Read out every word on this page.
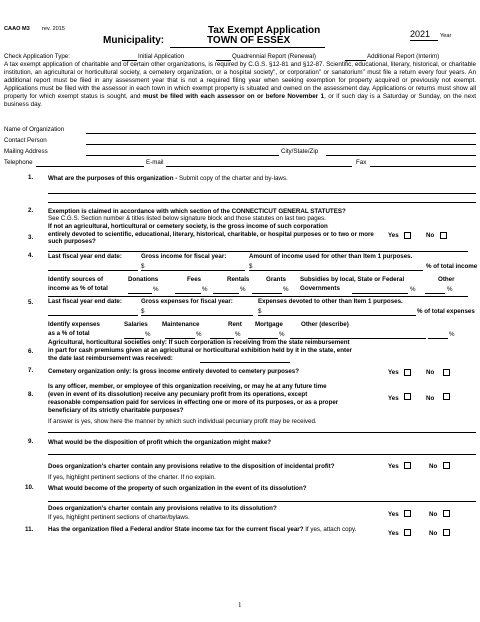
CAAO M3 rev. 2015	Tax Exempt Application
Municipality:	TOWN OF ESSEX
2021 Year
Check Application Type:	Initial Application	Quadrennial Report (Renewal)	Additional Report (Interim)
A tax exempt application of charitable and of certain other organizations, is required by C.G.S. §12-81 and §12-87. Scientific, educational, literary, historical, or charitable institution, an agricultural or horticultural society, a cemetery organization, or a hospital society", or corporation" or sanatorium" must file a return every four years. An additional report must be filed in any assessment year that is not a required filing year when seeking exemption for property acquired or previously not exempt. Applications must be filed with the assessor in each town in which exempt property is situated and owned on the assessment day. Applications or returns must show all property for which exempt status is sought, and must be filed with each assessor on or before November 1, or if such day is a Saturday or Sunday, on the next business day.
Name of Organization
Contact Person
Mailing Address	City/State/Zip
Telephone	E-mail	Fax
1. What are the purposes of this organization - Submit copy of the charter and by-laws.
2. Exemption is claimed in accordance with which section of the CONNECTICUT GENERAL STATUTES?
See C.G.S. Section number & titles listed below signature block and those statutes on last two pages.
If not an agricultural, horticultural or cemetery society, is the gross income of such corporation
3. entirely devoted to scientific, educational, literary, historical, charitable, or hospital purposes or to two or more such purposes?
Yes	No
4. Last fiscal year end date:	Gross income for fiscal year:	Amount of income used for other than Item 1 purposes.
$	$	% of total income
Identify sources of
income as % of total
Donations	Fees	Rentals	Grants Subsidies by local, State or Federal	Other
Governments
%	%	%	%	%	%
5. Last fiscal year end date:	Gross expenses for fiscal year:	Expenses devoted to other than Item 1 purposes.
$	$	% of total expenses
Identify expenses
as a % of total
Salaries Maintenance	Rent Mortgage	Other (describe)
%	%	%	%	%
Agricultural, horticultural societies only: If such corporation is receiving from the state reimbursement
6. in part for cash premiums given at an agricultural or horticultural exhibition held by it in the state, enter
the date last reimbursement was received:
7. Cemetery organization only: Is gross income entirely devoted to cemetery purposes?	Yes	No
Is any officer, member, or employee of this organization receiving, or may he at any future time
8. (even in event of its dissolution) receive any pecuniary profit from its operations, except
reasonable compensation paid for services in effecting one or more of its purposes, or as a proper
beneficiary of its strictly charitable purposes?
Yes	No
If answer is yes, show here the manner by which such individual pecuniary profit may be received.
9. What would be the disposition of profit which the organization might make?
Does organization's charter contain any provisions relative to the disposition of incidental profit?	Yes	No
If yes, highlight pertinent sections of the charter. If no explain.
10. What would become of the property of such organization in the event of its dissolution?
Does organization's charter contain any provisions relative to its dissolution?
If yes, highlight pertinent sections of charter/bylaws.	Yes	No
11. Has the organization filed a Federal and/or State income tax for the current fiscal year? If yes, attach copy.
Yes	No
1
